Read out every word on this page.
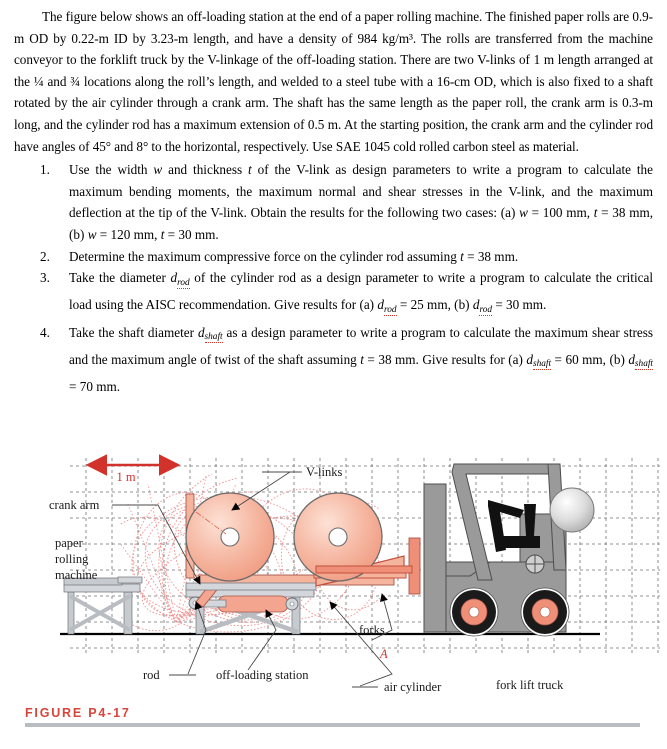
The figure below shows an off-loading station at the end of a paper rolling machine. The finished paper rolls are 0.9-m OD by 0.22-m ID by 3.23-m length, and have a density of 984 kg/m³. The rolls are transferred from the machine conveyor to the forklift truck by the V-linkage of the off-loading station. There are two V-links of 1 m length arranged at the ¼ and ¾ locations along the roll’s length, and welded to a steel tube with a 16-cm OD, which is also fixed to a shaft rotated by the air cylinder through a crank arm. The shaft has the same length as the paper roll, the crank arm is 0.3-m long, and the cylinder rod has a maximum extension of 0.5 m. At the starting position, the crank arm and the cylinder rod have angles of 45° and 8° to the horizontal, respectively. Use SAE 1045 cold rolled carbon steel as material.

1.	Use the width w and thickness t of the V-link as design parameters to write a program to calculate the maximum bending moments, the maximum normal and shear stresses in the V-link, and the maximum deflection at the tip of the V-link. Obtain the results for the following two cases: (a) w = 100 mm, t = 38 mm, (b) w = 120 mm, t = 30 mm.
2.	Determine the maximum compressive force on the cylinder rod assuming t = 38 mm.
3.	Take the diameter $d_{rod}$ of the cylinder rod as a design parameter to write a program to calculate the critical load using the AISC recommendation. Give results for (a) $d_{rod} = 25$ mm, (b) $d_{rod} = 30$ mm.
4.	Take the shaft diameter $d_{shaft}$ as a design parameter to write a program to calculate the maximum shear stress and the maximum angle of twist of the shaft assuming t = 38 mm. Give results for (a) $d_{shaft} = 60$ mm, (b) $d_{shaft} = 70$ mm.
1 m	V-links
crank arm
paper
rolling
machine
rod	off-loading station
forks
A
air cylinder	fork lift truck
FIGURE P4-17
